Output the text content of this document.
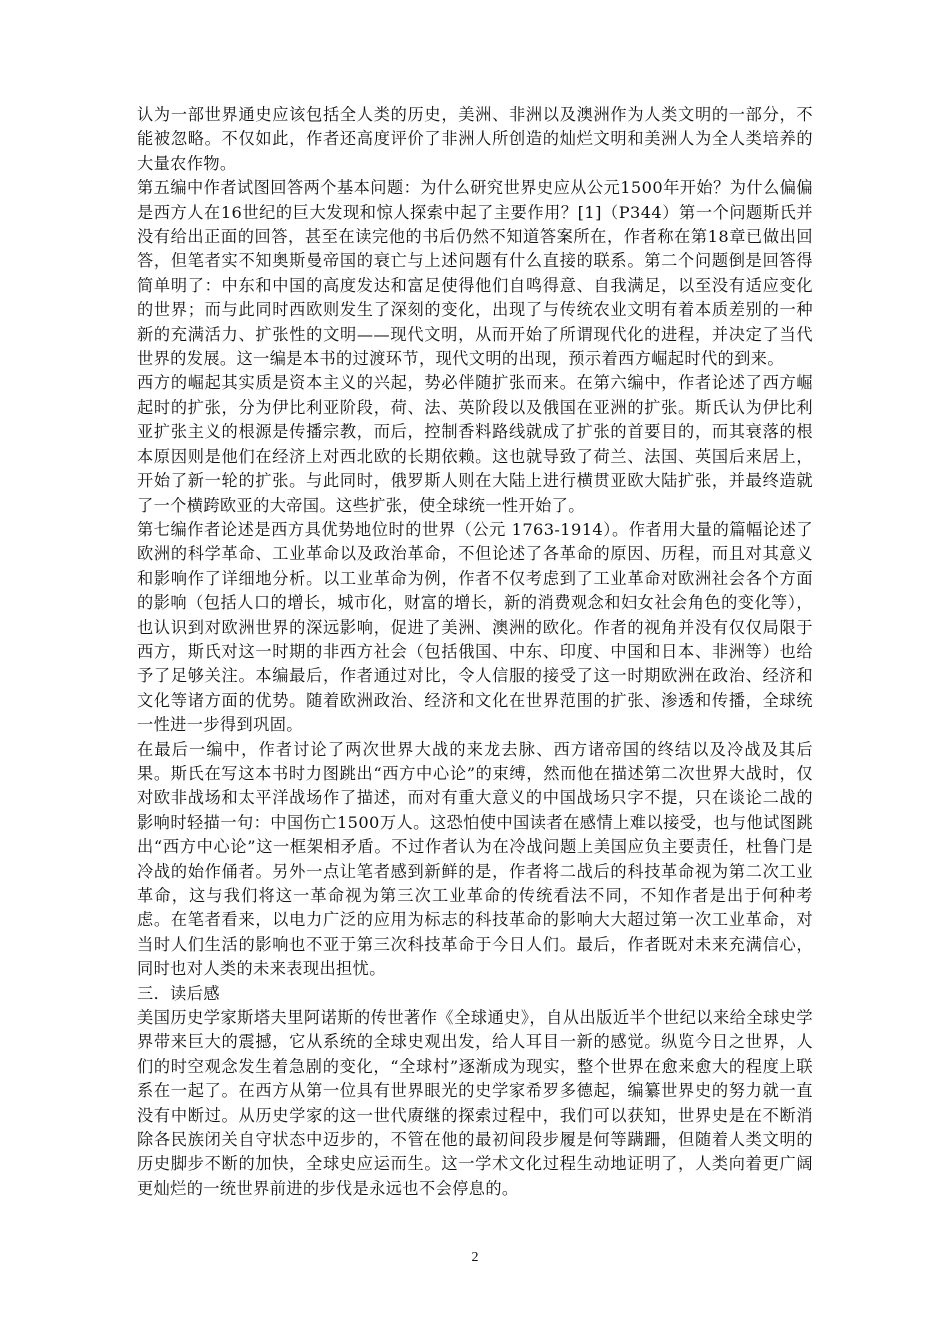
认为一部世界通史应该包括全人类的历史，美洲、非洲以及澳洲作为人类文明的一部分，不能被忽略。不仅如此，作者还高度评价了非洲人所创造的灿烂文明和美洲人为全人类培养的大量农作物。

第五编中作者试图回答两个基本问题：为什么研究世界史应从公元1500年开始？为什么偏偏是西方人在16世纪的巨大发现和惊人探索中起了主要作用？[1]（P344）第一个问题斯氏并没有给出正面的回答，甚至在读完他的书后仍然不知道答案所在，作者称在第18章已做出回答，但笔者实不知奥斯曼帝国的衰亡与上述问题有什么直接的联系。第二个问题倒是回答得简单明了：中东和中国的高度发达和富足使得他们自鸣得意、自我满足，以至没有适应变化的世界；而与此同时西欧则发生了深刻的变化，出现了与传统农业文明有着本质差别的一种新的充满活力、扩张性的文明——现代文明，从而开始了所谓现代化的进程，并决定了当代世界的发展。这一编是本书的过渡环节，现代文明的出现，预示着西方崛起时代的到来。

西方的崛起其实质是资本主义的兴起，势必伴随扩张而来。在第六编中，作者论述了西方崛起时的扩张，分为伊比利亚阶段，荷、法、英阶段以及俄国在亚洲的扩张。斯氏认为伊比利亚扩张主义的根源是传播宗教，而后，控制香料路线就成了扩张的首要目的，而其衰落的根本原因则是他们在经济上对西北欧的长期依赖。这也就导致了荷兰、法国、英国后来居上，开始了新一轮的扩张。与此同时，俄罗斯人则在大陆上进行横贯亚欧大陆扩张，并最终造就了一个横跨欧亚的大帝国。这些扩张，使全球统一性开始了。

第七编作者论述是西方具优势地位时的世界（公元 1763-1914）。作者用大量的篇幅论述了欧洲的科学革命、工业革命以及政治革命，不但论述了各革命的原因、历程，而且对其意义和影响作了详细地分析。以工业革命为例，作者不仅考虑到了工业革命对欧洲社会各个方面的影响（包括人口的增长，城市化，财富的增长，新的消费观念和妇女社会角色的变化等），也认识到对欧洲世界的深远影响，促进了美洲、澳洲的欧化。作者的视角并没有仅仅局限于西方，斯氏对这一时期的非西方社会（包括俄国、中东、印度、中国和日本、非洲等）也给予了足够关注。本编最后，作者通过对比，令人信服的接受了这一时期欧洲在政治、经济和文化等诸方面的优势。随着欧洲政治、经济和文化在世界范围的扩张、渗透和传播，全球统一性进一步得到巩固。

在最后一编中，作者讨论了两次世界大战的来龙去脉、西方诸帝国的终结以及冷战及其后果。斯氏在写这本书时力图跳出“西方中心论”的束缚，然而他在描述第二次世界大战时，仅对欧非战场和太平洋战场作了描述，而对有重大意义的中国战场只字不提，只在谈论二战的影响时轻描一句：中国伤亡1500万人。这恐怕使中国读者在感情上难以接受，也与他试图跳出“西方中心论”这一框架相矛盾。不过作者认为在冷战问题上美国应负主要责任，杜鲁门是冷战的始作俑者。另外一点让笔者感到新鲜的是，作者将二战后的科技革命视为第二次工业革命，这与我们将这一革命视为第三次工业革命的传统看法不同，不知作者是出于何种考虑。在笔者看来，以电力广泛的应用为标志的科技革命的影响大大超过第一次工业革命，对当时人们生活的影响也不亚于第三次科技革命于今日人们。最后，作者既对未来充满信心，同时也对人类的未来表现出担忧。

三．读后感

美国历史学家斯塔夫里阿诺斯的传世著作《全球通史》，自从出版近半个世纪以来给全球史学界带来巨大的震撼，它从系统的全球史观出发，给人耳目一新的感觉。纵览今日之世界，人们的时空观念发生着急剧的变化，“全球村”逐渐成为现实，整个世界在愈来愈大的程度上联系在一起了。在西方从第一位具有世界眼光的史学家希罗多德起，编纂世界史的努力就一直没有中断过。从历史学家的这一世代赓继的探索过程中，我们可以获知，世界史是在不断消除各民族闭关自守状态中迈步的，不管在他的最初间段步履是何等蹒跚，但随着人类文明的历史脚步不断的加快，全球史应运而生。这一学术文化过程生动地证明了，人类向着更广阔更灿烂的一统世界前进的步伐是永远也不会停息的。

2
